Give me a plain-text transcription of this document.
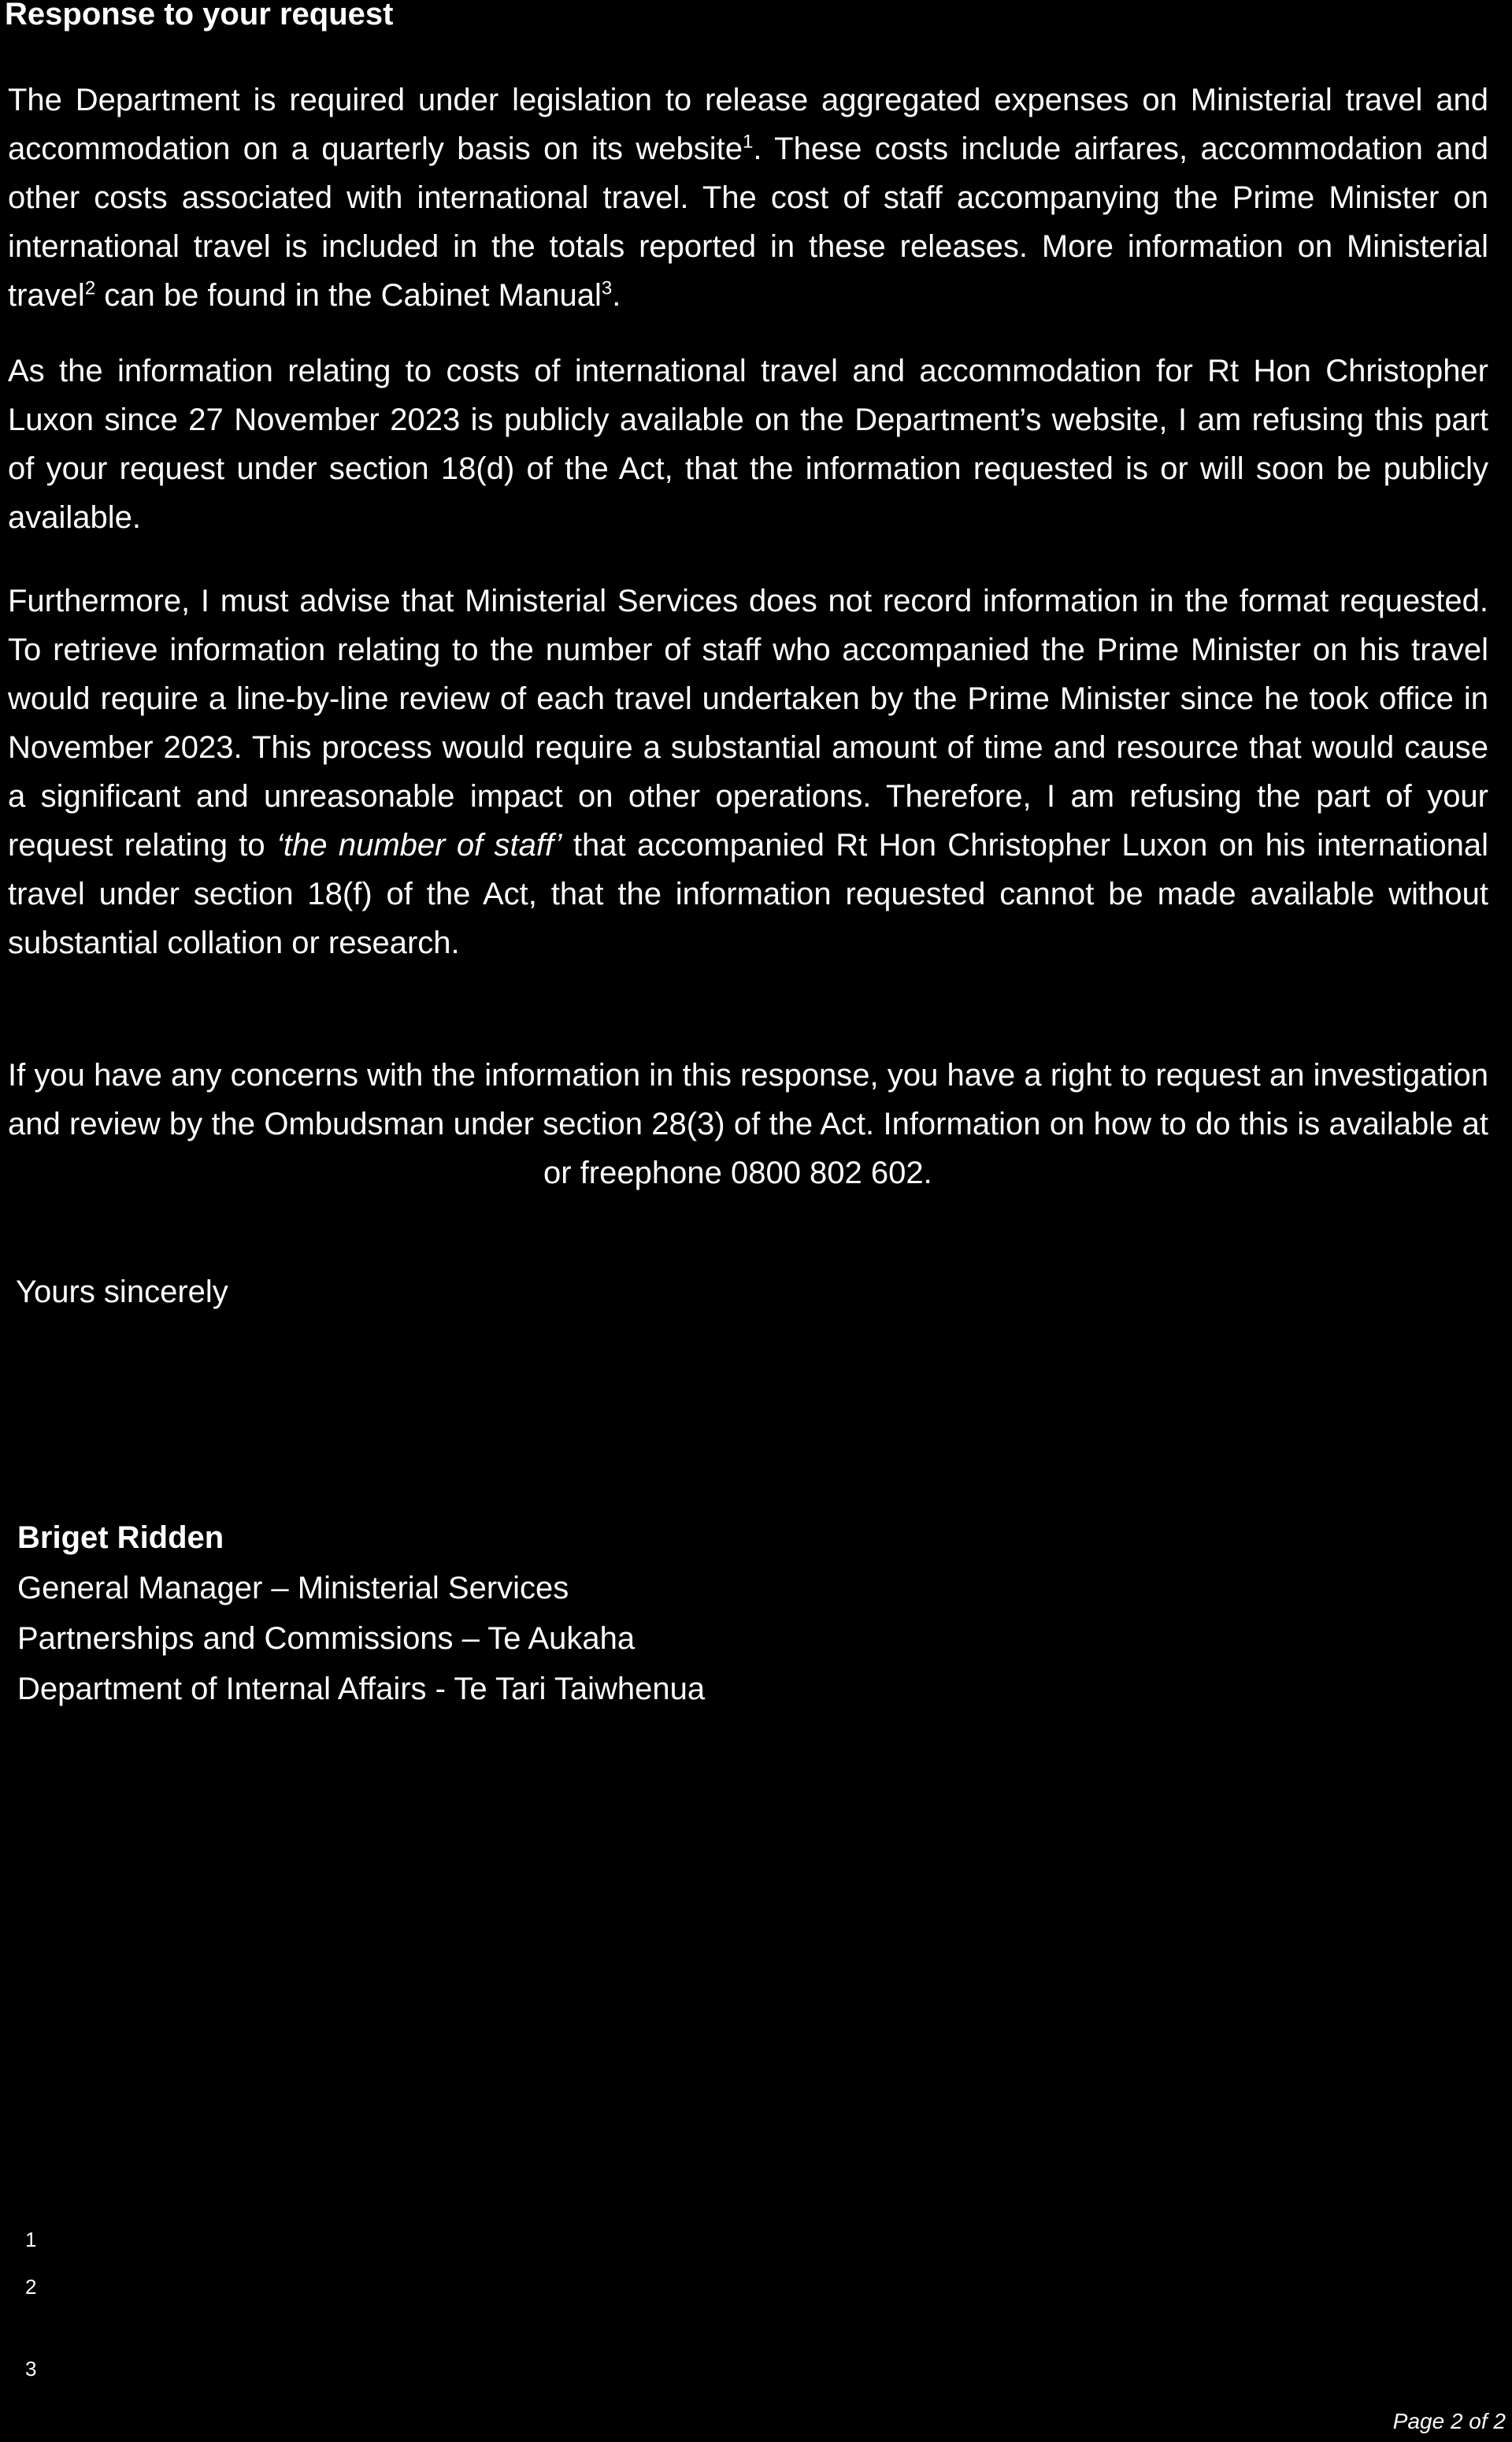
Response to your request

The Department is required under legislation to release aggregated expenses on Ministerial travel and accommodation on a quarterly basis on its website$^1$. These costs include airfares, accommodation and other costs associated with international travel. The cost of staff accompanying the Prime Minister on international travel is included in the totals reported in these releases. More information on Ministerial travel$^2$ can be found in the Cabinet Manual$^3$.

As the information relating to costs of international travel and accommodation for Rt Hon Christopher Luxon since 27 November 2023 is publicly available on the Department’s website, I am refusing this part of your request under section 18(d) of the Act, that the information requested is or will soon be publicly available.

Furthermore, I must advise that Ministerial Services does not record information in the format requested. To retrieve information relating to the number of staff who accompanied the Prime Minister on his travel would require a line-by-line review of each travel undertaken by the Prime Minister since he took office in November 2023. This process would require a substantial amount of time and resource that would cause a significant and unreasonable impact on other operations. Therefore, I am refusing the part of your request relating to ‘the number of staff’ that accompanied Rt Hon Christopher Luxon on his international travel under section 18(f) of the Act, that the information requested cannot be made available without substantial collation or research.

If you have any concerns with the information in this response, you have a right to request an investigation and review by the Ombudsman under section 28(3) of the Act. Information on how to do this is available ator freephone 0800 802 602.

Yours sincerely

Briget Ridden
General Manager – Ministerial Services
Partnerships and Commissions – Te Aukaha
Department of Internal Affairs - Te Tari Taiwhenua
1
2
3
Page 2 of 2
